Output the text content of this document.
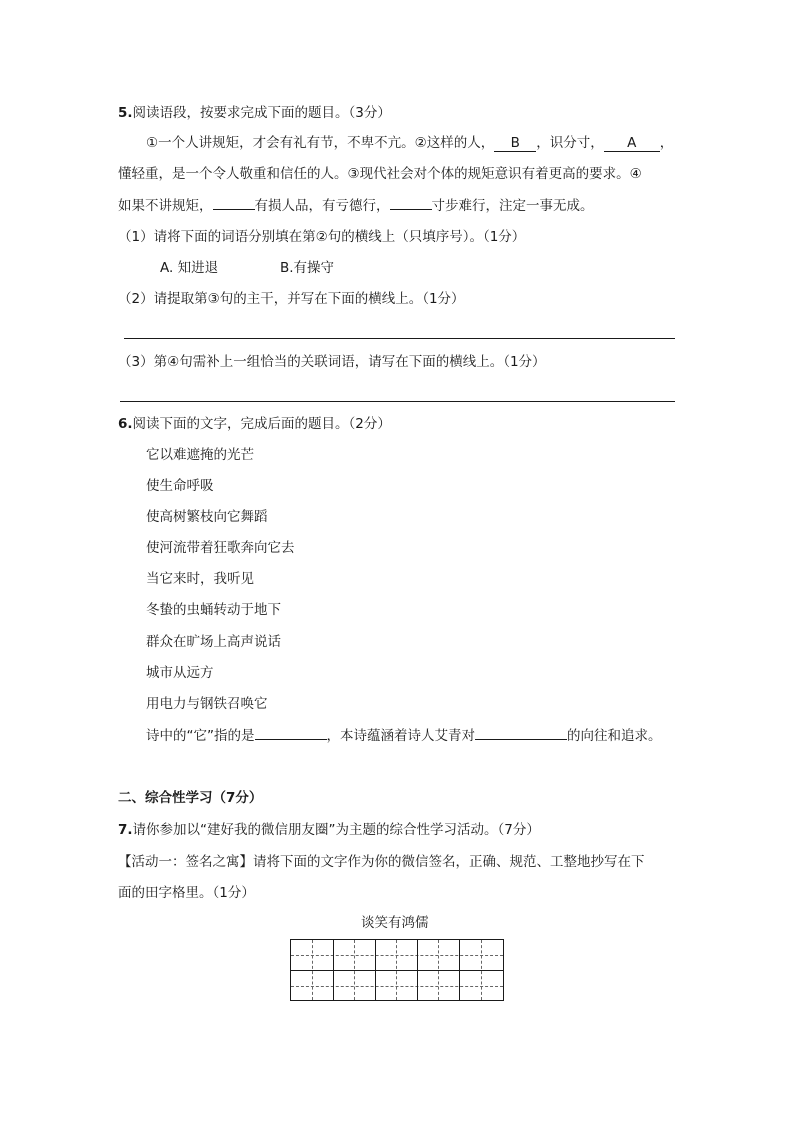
5.阅读语段，按要求完成下面的题目。（3分）
①一个人讲规矩，才会有礼有节，不卑不亢。②这样的人， B ，识分寸， A ，
懂轻重，是一个令人敬重和信任的人。③现代社会对个体的规矩意识有着更高的要求。④
如果不讲规矩，	有损人品，有亏德行，	寸步难行，注定一事无成。
（1）请将下面的词语分别填在第②句的横线上（只填序号）。（1分）
A. 知进退	B.有操守
（2）请提取第③句的主干，并写在下面的横线上。（1分）
（3）第④句需补上一组恰当的关联词语，请写在下面的横线上。（1分）
6.阅读下面的文字，完成后面的题目。（2分）
它以难遮掩的光芒
使生命呼吸
使高树繁枝向它舞蹈
使河流带着狂歌奔向它去
当它来时，我听见
冬蛰的虫蛹转动于地下
群众在旷场上高声说话
城市从远方
用电力与钢铁召唤它
诗中的“它”指的是	，本诗蕴涵着诗人艾青对	的向往和追求。
二、综合性学习（7分）
7.请你参加以“建好我的微信朋友圈”为主题的综合性学习活动。（7分）
【活动一：签名之寓】请将下面的文字作为你的微信签名，正确、规范、工整地抄写在下
面的田字格里。（1分）
谈笑有鸿儒
